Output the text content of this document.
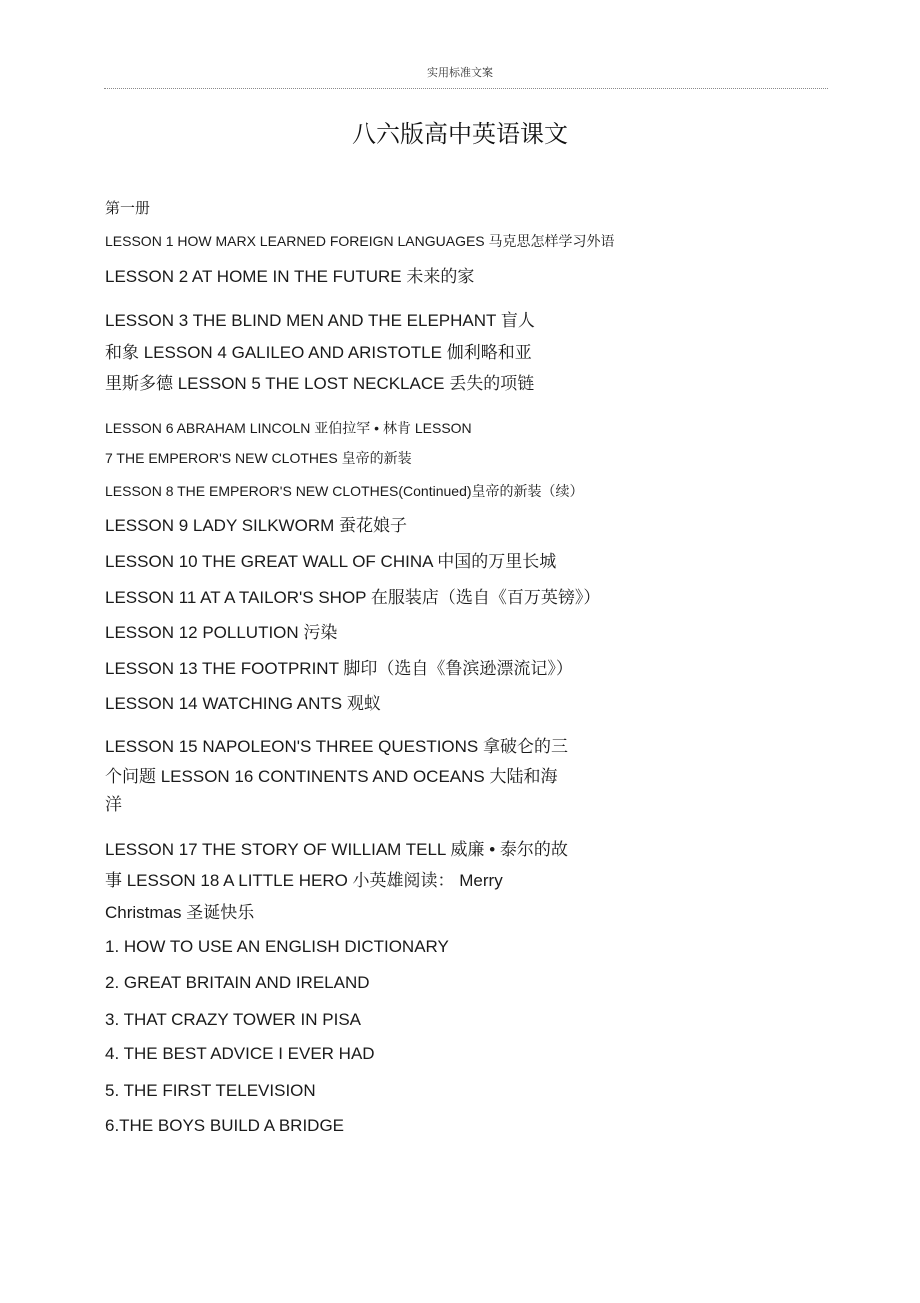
实用标准文案
八六版高中英语课文
第一册
LESSON 1 HOW MARX LEARNED FOREIGN LANGUAGES 马克思怎样学习外语
LESSON 2 AT HOME IN THE FUTURE 未来的家
LESSON 3 THE BLIND MEN AND THE ELEPHANT 盲人
和象 LESSON 4 GALILEO AND ARISTOTLE 伽利略和亚
里斯多德 LESSON 5 THE LOST NECKLACE 丢失的项链
LESSON 6 ABRAHAM LINCOLN 亚伯拉罕 • 林肯 LESSON
7 THE EMPEROR'S NEW CLOTHES 皇帝的新装
LESSON 8 THE EMPEROR'S NEW CLOTHES(Continued)皇帝的新装（续）
LESSON 9 LADY SILKWORM 蚕花娘子
LESSON 10 THE GREAT WALL OF CHINA 中国的万里长城
LESSON 11 AT A TAILOR'S SHOP 在服装店（选自《百万英镑》）
LESSON 12 POLLUTION 污染
LESSON 13 THE FOOTPRINT 脚印（选自《鲁滨逊漂流记》）
LESSON 14 WATCHING ANTS 观蚁
LESSON 15 NAPOLEON'S THREE QUESTIONS 拿破仑的三
个问题 LESSON 16 CONTINENTS AND OCEANS 大陆和海
洋
LESSON 17 THE STORY OF WILLIAM TELL 威廉 • 泰尔的故
事 LESSON 18 A LITTLE HERO 小英雄阅读： Merry
Christmas 圣诞快乐
1. HOW TO USE AN ENGLISH DICTIONARY
2. GREAT BRITAIN AND IRELAND
3. THAT CRAZY TOWER IN PISA
4. THE BEST ADVICE I EVER HAD
5. THE FIRST TELEVISION
6.THE BOYS BUILD A BRIDGE
